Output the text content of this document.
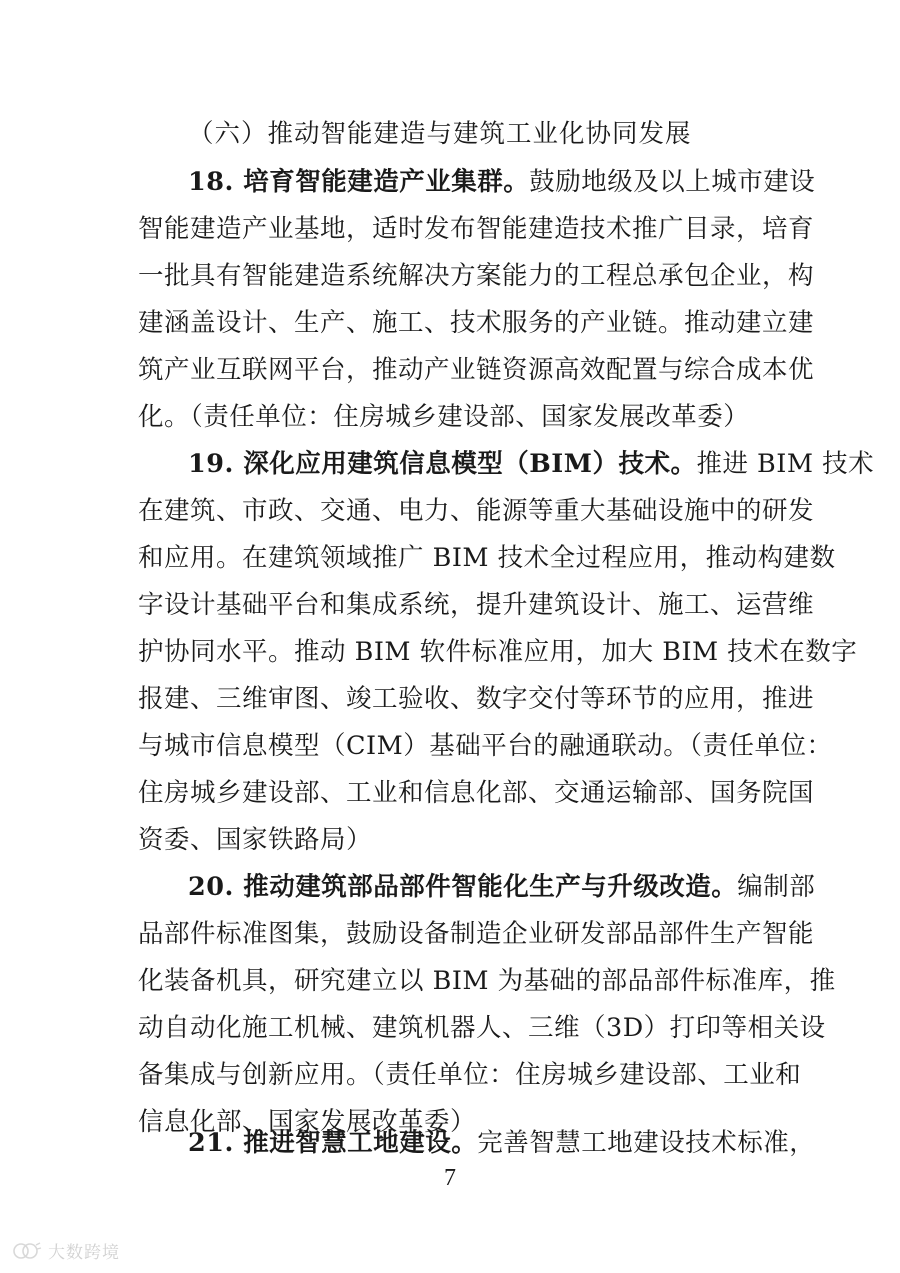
（六）推动智能建造与建筑工业化协同发展
18. 培育智能建造产业集群。鼓励地级及以上城市建设
智能建造产业基地，适时发布智能建造技术推广目录，培育
一批具有智能建造系统解决方案能力的工程总承包企业，构
建涵盖设计、生产、施工、技术服务的产业链。推动建立建
筑产业互联网平台，推动产业链资源高效配置与综合成本优
化。（责任单位：住房城乡建设部、国家发展改革委）
19. 深化应用建筑信息模型（BIM）技术。推进 BIM 技术
在建筑、市政、交通、电力、能源等重大基础设施中的研发
和应用。在建筑领域推广 BIM 技术全过程应用，推动构建数
字设计基础平台和集成系统，提升建筑设计、施工、运营维
护协同水平。推动 BIM 软件标准应用，加大 BIM 技术在数字
报建、三维审图、竣工验收、数字交付等环节的应用，推进
与城市信息模型（CIM）基础平台的融通联动。（责任单位：
住房城乡建设部、工业和信息化部、交通运输部、国务院国
资委、国家铁路局）
20. 推动建筑部品部件智能化生产与升级改造。编制部
品部件标准图集，鼓励设备制造企业研发部品部件生产智能
化装备机具，研究建立以 BIM 为基础的部品部件标准库，推
动自动化施工机械、建筑机器人、三维（3D）打印等相关设
备集成与创新应用。（责任单位：住房城乡建设部、工业和
信息化部、国家发展改革委）
21. 推进智慧工地建设。完善智慧工地建设技术标准，
7
大数跨境
